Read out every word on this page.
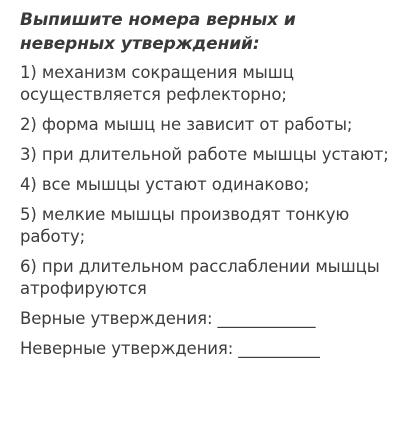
Выпишите номера верных и неверных утверждений:

1) механизм сокращения мышц осуществляется рефлекторно;

2) форма мышц не зависит от работы;

3) при длительной работе мышцы устают;

4) все мышцы устают одинаково;

5) мелкие мышцы производят тонкую работу;

6) при длительном расслаблении мышцы атрофируются

Верные утверждения: ____________

Неверные утверждения: __________
